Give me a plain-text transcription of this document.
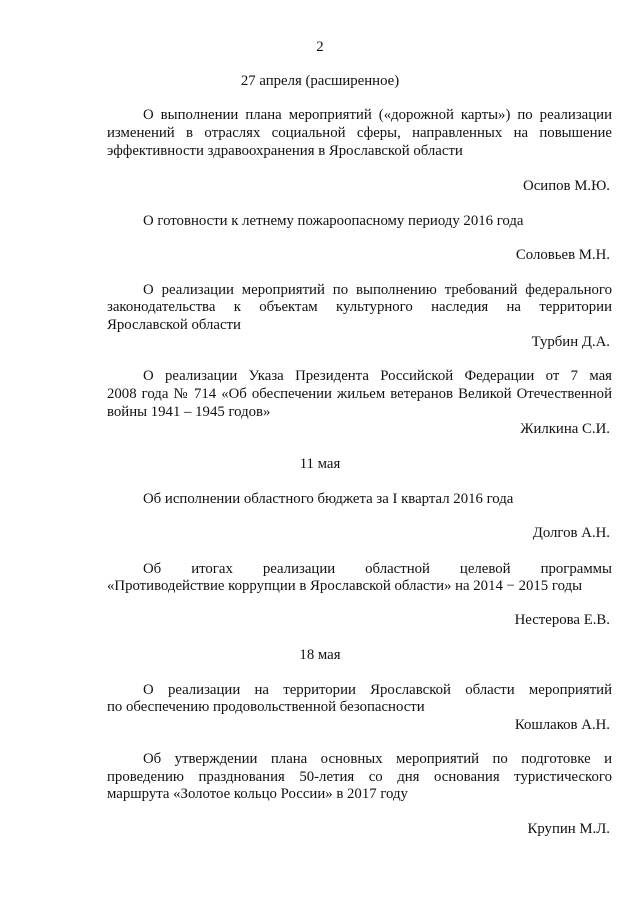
2
27 апреля (расширенное)
О выполнении плана мероприятий («дорожной карты») по реализации
изменений в отраслях социальной сферы, направленных на повышение
эффективности здравоохранения в Ярославской области
Осипов М.Ю.
О готовности к летнему пожароопасному периоду 2016 года
Соловьев М.Н.
О реализации мероприятий по выполнению требований федерального
законодательства к объектам культурного наследия на территории
Ярославской области
Турбин Д.А.
О реализации Указа Президента Российской Федерации от 7 мая
2008 года № 714 «Об обеспечении жильем ветеранов Великой Отечественной
войны 1941 – 1945 годов»
Жилкина С.И.
11 мая
Об исполнении областного бюджета за I квартал 2016 года
Долгов А.Н.
Об итогах реализации областной целевой программы
«Противодействие коррупции в Ярославской области» на 2014 − 2015 годы
Нестерова Е.В.
18 мая
О реализации на территории Ярославской области мероприятий
по обеспечению продовольственной безопасности
Кошлаков А.Н.
Об утверждении плана основных мероприятий по подготовке и
проведению празднования 50-летия со дня основания туристического
маршрута «Золотое кольцо России» в 2017 году
Крупин М.Л.
